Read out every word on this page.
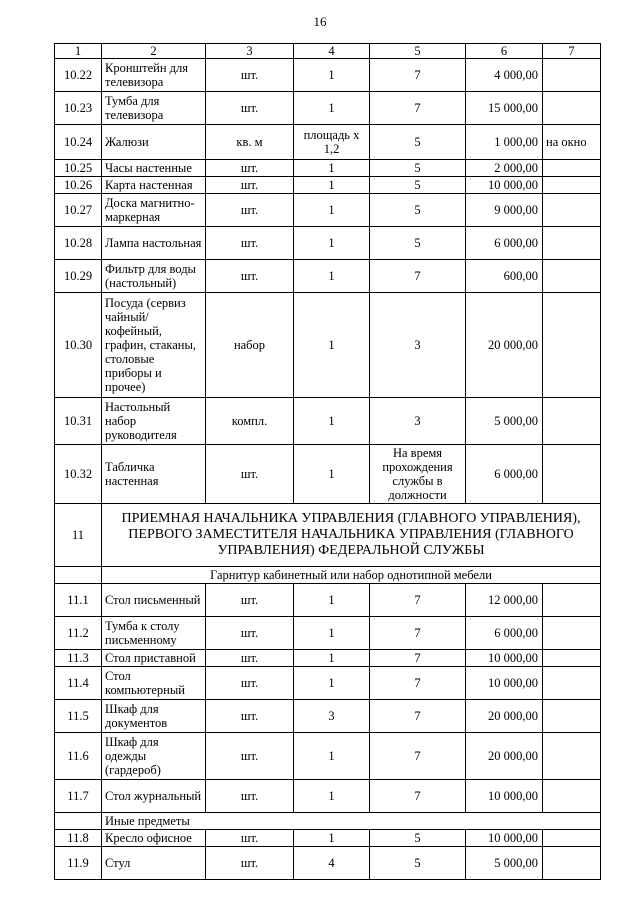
16
1	2	3	4	5	6	7
10.22	Кронштейн для телевизора	шт.	1	7	4 000,00	
10.23	Тумба для телевизора	шт.	1	7	15 000,00	
10.24	Жалюзи	кв. м	площадь х 1,2	5	1 000,00	на окно
10.25	Часы настенные	шт.	1	5	2 000,00	
10.26	Карта настенная	шт.	1	5	10 000,00	
10.27	Доска магнитно-маркерная	шт.	1	5	9 000,00	
10.28	Лампа настольная	шт.	1	5	6 000,00	
10.29	Фильтр для воды (настольный)	шт.	1	7	600,00	
10.30	Посуда (сервиз чайный/ кофейный, графин, стаканы, столовые приборы и прочее)	набор	1	3	20 000,00	
10.31	Настольный набор руководителя	компл.	1	3	5 000,00	
10.32	Табличка настенная	шт.	1	На время прохождения службы в должности	6 000,00	
11	ПРИЕМНАЯ НАЧАЛЬНИКА УПРАВЛЕНИЯ (ГЛАВНОГО УПРАВЛЕНИЯ), ПЕРВОГО ЗАМЕСТИТЕЛЯ НАЧАЛЬНИКА УПРАВЛЕНИЯ (ГЛАВНОГО УПРАВЛЕНИЯ) ФЕДЕРАЛЬНОЙ СЛУЖБЫ					
	Гарнитур кабинетный или набор однотипной мебели					
11.1	Стол письменный	шт.	1	7	12 000,00	
11.2	Тумба к столу письменному	шт.	1	7	6 000,00	
11.3	Стол приставной	шт.	1	7	10 000,00	
11.4	Стол компьютерный	шт.	1	7	10 000,00	
11.5	Шкаф для документов	шт.	3	7	20 000,00	
11.6	Шкаф для одежды (гардероб)	шт.	1	7	20 000,00	
11.7	Стол журнальный	шт.	1	7	10 000,00	
	Иные предметы					
11.8	Кресло офисное	шт.	1	5	10 000,00	
11.9	Стул	шт.	4	5	5 000,00	
